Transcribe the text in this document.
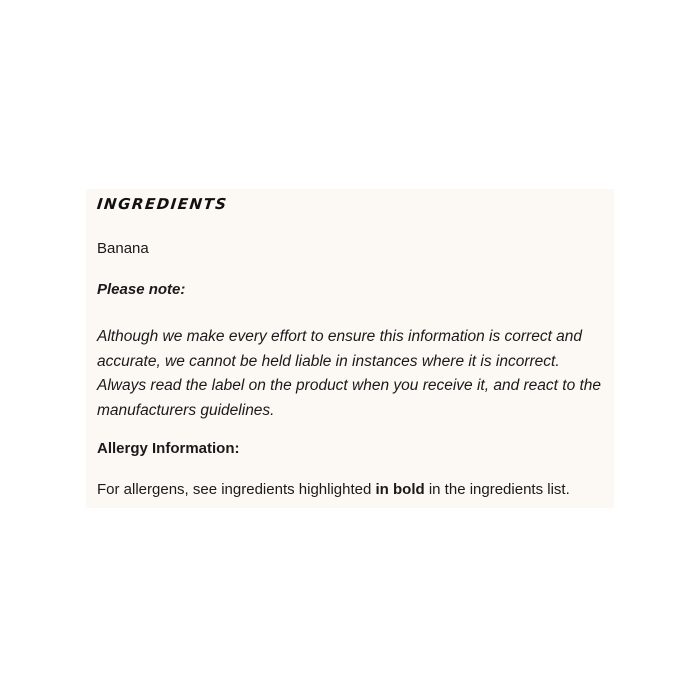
INGREDIENTS

Banana

Please note:

Although we make every effort to ensure this information is correct and accurate, we cannot be held liable in instances where it is incorrect. Always read the label on the product when you receive it, and react to the manufacturers guidelines.

Allergy Information:

For allergens, see ingredients highlighted in bold in the ingredients list.
